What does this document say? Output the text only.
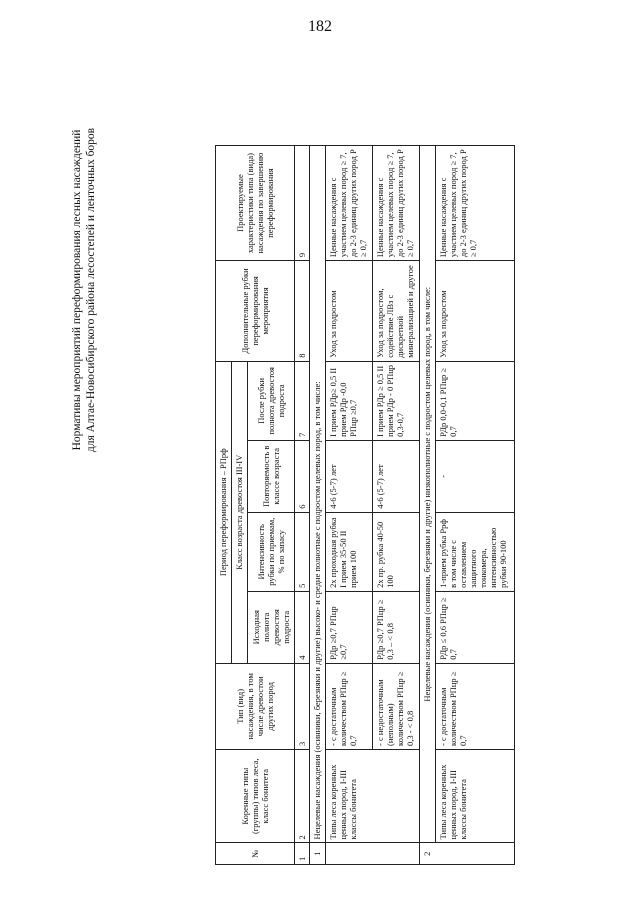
182
Нормативы мероприятий переформирования лесных насаждений для Алтае-Новосибирского района лесостепей и ленточных боров
№	Коренные типы (группы) типов леса, класс бонитета	Тип (вид) насаждения, в том числе древостои других пород	Период переформирования – РПрф				Дополнительные рубки переформирования мероприятия	Проектируемые характеристики типа (вида) насаждения по завершению переформирования
			Класс возраста древостоя III-IV					
			Исходная полнота древостоя подроста	Интенсивность рубки по приемам, % по запасу	Повторяемость в классе возраста	После рубки полнота древостоя подроста		
1	2	3	4	5	6	7	8	9
1	Нецелевые насаждения (осинники, березняки и другие) высоко- и средне полнотные с подростом целевых пород, в том числе:							
	Типы леса коренных ценных пород, I-III классы бонитета	- с достаточным количеством РПцр ≥ 0,7	РДр ≥0,7 РПцр ≥0,7	2х проходная рубка I прием 35-50 II прием 100	4-6 (5-7) лет	I прием РДр≥ 0,5 II прием РДр -0,0 РПцр ≥0,7	Уход за подростом	Ценные насаждения с участием целевых пород ≥ 7, до 2-3 единиц других пород Р ≥ 0,7
		- с недостаточным (неполным) количеством РПцр ≥ 0,3 - < 0,8	РДр ≥0,7 РПцр ≥ 0,3 – < 0,8	2х пр. рубка 40-50 100	4-6 (5-7) лет	I прием РДр ≥ 0,5 II прием РДр - 0 РПцр 0,3-0,7	Уход за подростом, содействие ЛВз с дискретной минерализацией и другое	Ценные насаждения с участием целевых пород ≥ 7, до 2-3 единиц других пород Р ≥ 0,7
2	Нецелевые насаждения (осинники, березняки и другие) низкополнотные с подростом целевых пород, в том числе:							
	Типы леса коренных ценных пород, I-III классы бонитета	- с достаточным количеством РПцр ≥ 0,7	РДр ≤ 0,6 РПцр ≥ 0,7	1-прием рубка Ррф в том числе с оставлением защитного тонкомера, интенсивностью рубки 90-100	-	РДр 0,0-0,1 РПцр ≥ 0,7	Уход за подростом	Ценные насаждения с участием целевых пород ≥ 7, до 2-3 единиц других пород Р ≥ 0,7
